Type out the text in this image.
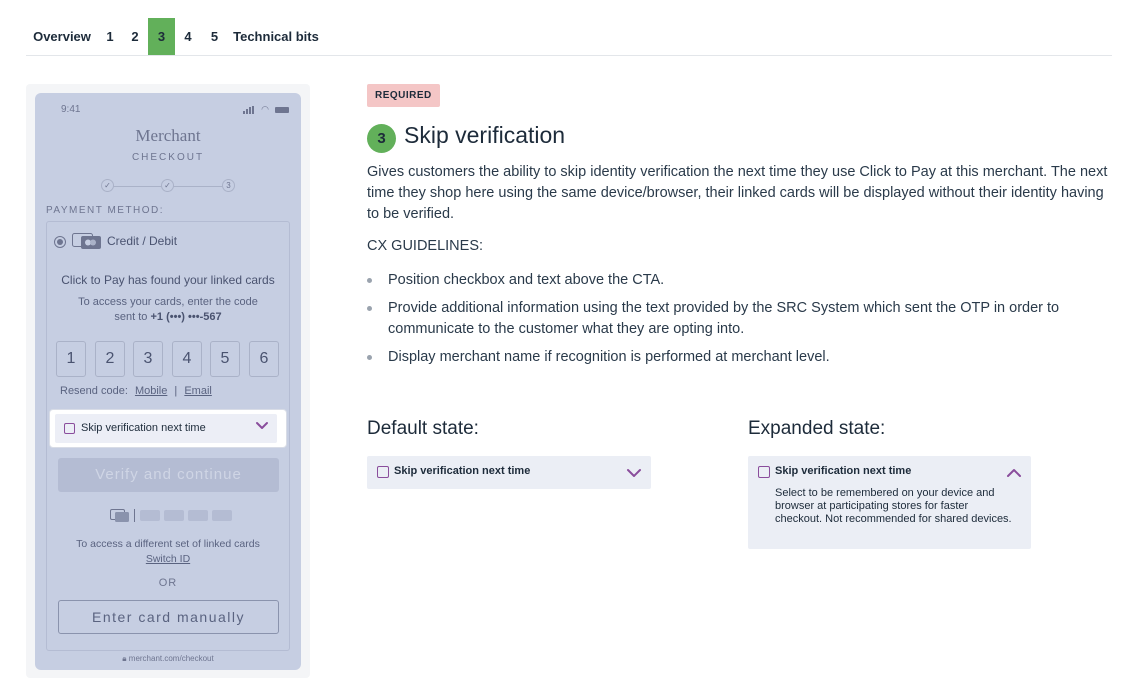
Overview	1	2	3	4	5	Technical bits
9:41	◠
Merchant
CHECKOUT
✓	✓	3
PAYMENT METHOD:
Credit / Debit
Click to Pay has found your linked cards
To access your cards, enter the code
sent to +1 (•••) •••-567
1	2	3	4	5	6
Resend code: Mobile | Email
Verify and continue
To access a different set of linked cards
Switch ID
OR
Enter card manually
🔒︎ merchant.com/checkout
Skip verification next time
REQUIRED
3 Skip verification
Gives customers the ability to skip identity verification the next time they use Click to Pay at this merchant. The next time they shop here using the same device/browser, their linked cards will be displayed without their identity having to be verified.
CX GUIDELINES:
Position checkbox and text above the CTA.
Provide additional information using the text provided by the SRC System which sent the OTP in order to communicate to the customer what they are opting into.
Display merchant name if recognition is performed at merchant level.
Default state:
Skip verification next time
Expanded state:
Skip verification next time
Select to be remembered on your device and browser at participating stores for faster checkout. Not recommended for shared devices.
